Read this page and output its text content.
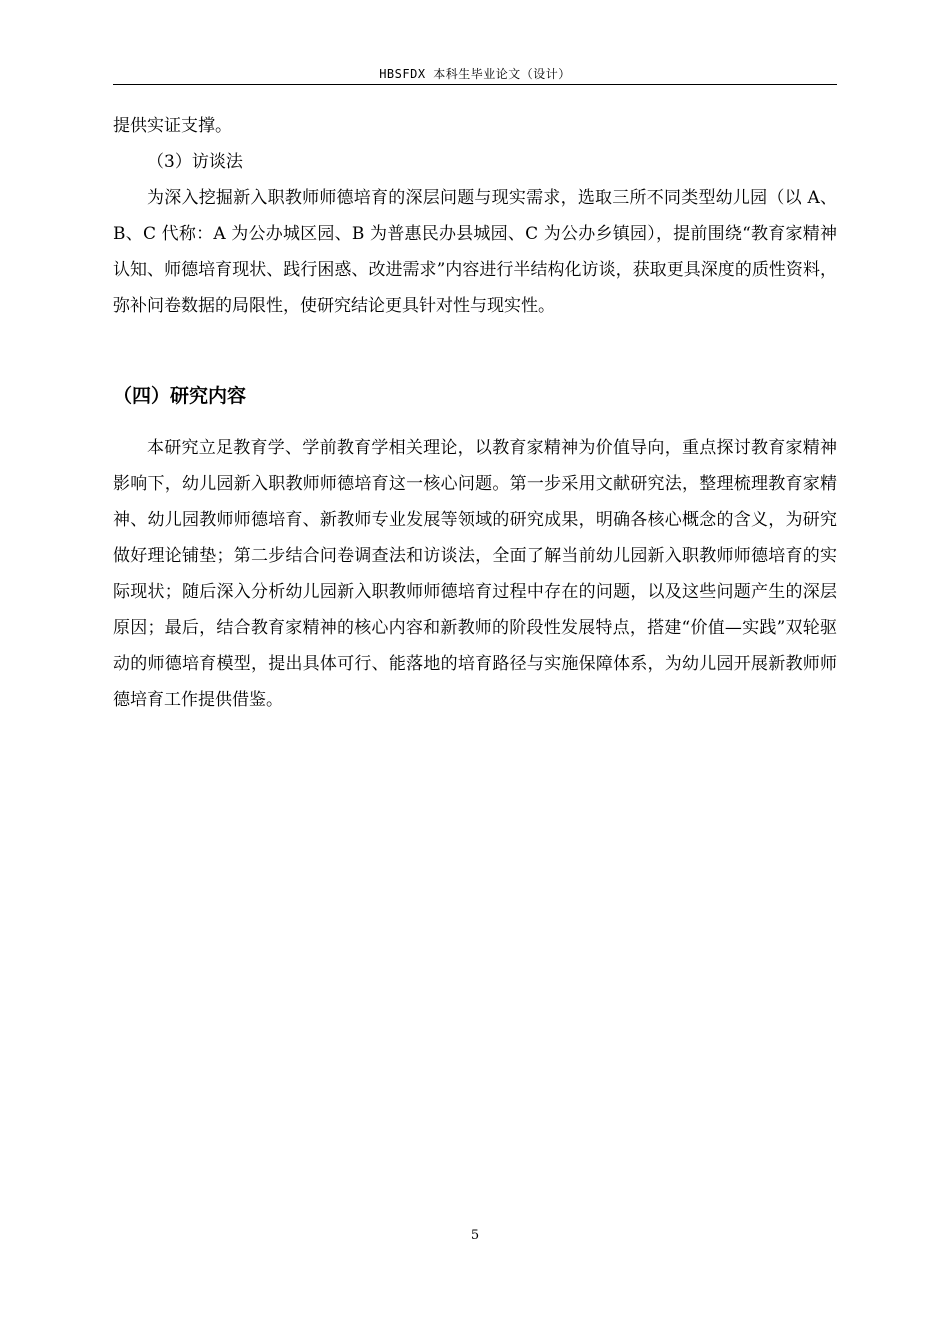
HBSFDX 本科生毕业论文（设计）

提供实证支撑。

（3）访谈法

为深入挖掘新入职教师师德培育的深层问题与现实需求，选取三所不同类型幼儿园（以 A、B、C 代称：A 为公办城区园、B 为普惠民办县城园、C 为公办乡镇园），提前围绕“教育家精神认知、师德培育现状、践行困惑、改进需求”内容进行半结构化访谈，获取更具深度的质性资料，弥补问卷数据的局限性，使研究结论更具针对性与现实性。

（四）研究内容

本研究立足教育学、学前教育学相关理论，以教育家精神为价值导向，重点探讨教育家精神影响下，幼儿园新入职教师师德培育这一核心问题。第一步采用文献研究法，整理梳理教育家精神、幼儿园教师师德培育、新教师专业发展等领域的研究成果，明确各核心概念的含义，为研究做好理论铺垫；第二步结合问卷调查法和访谈法，全面了解当前幼儿园新入职教师师德培育的实际现状；随后深入分析幼儿园新入职教师师德培育过程中存在的问题，以及这些问题产生的深层原因；最后，结合教育家精神的核心内容和新教师的阶段性发展特点，搭建“价值—实践”双轮驱动的师德培育模型，提出具体可行、能落地的培育路径与实施保障体系，为幼儿园开展新教师师德培育工作提供借鉴。

5
